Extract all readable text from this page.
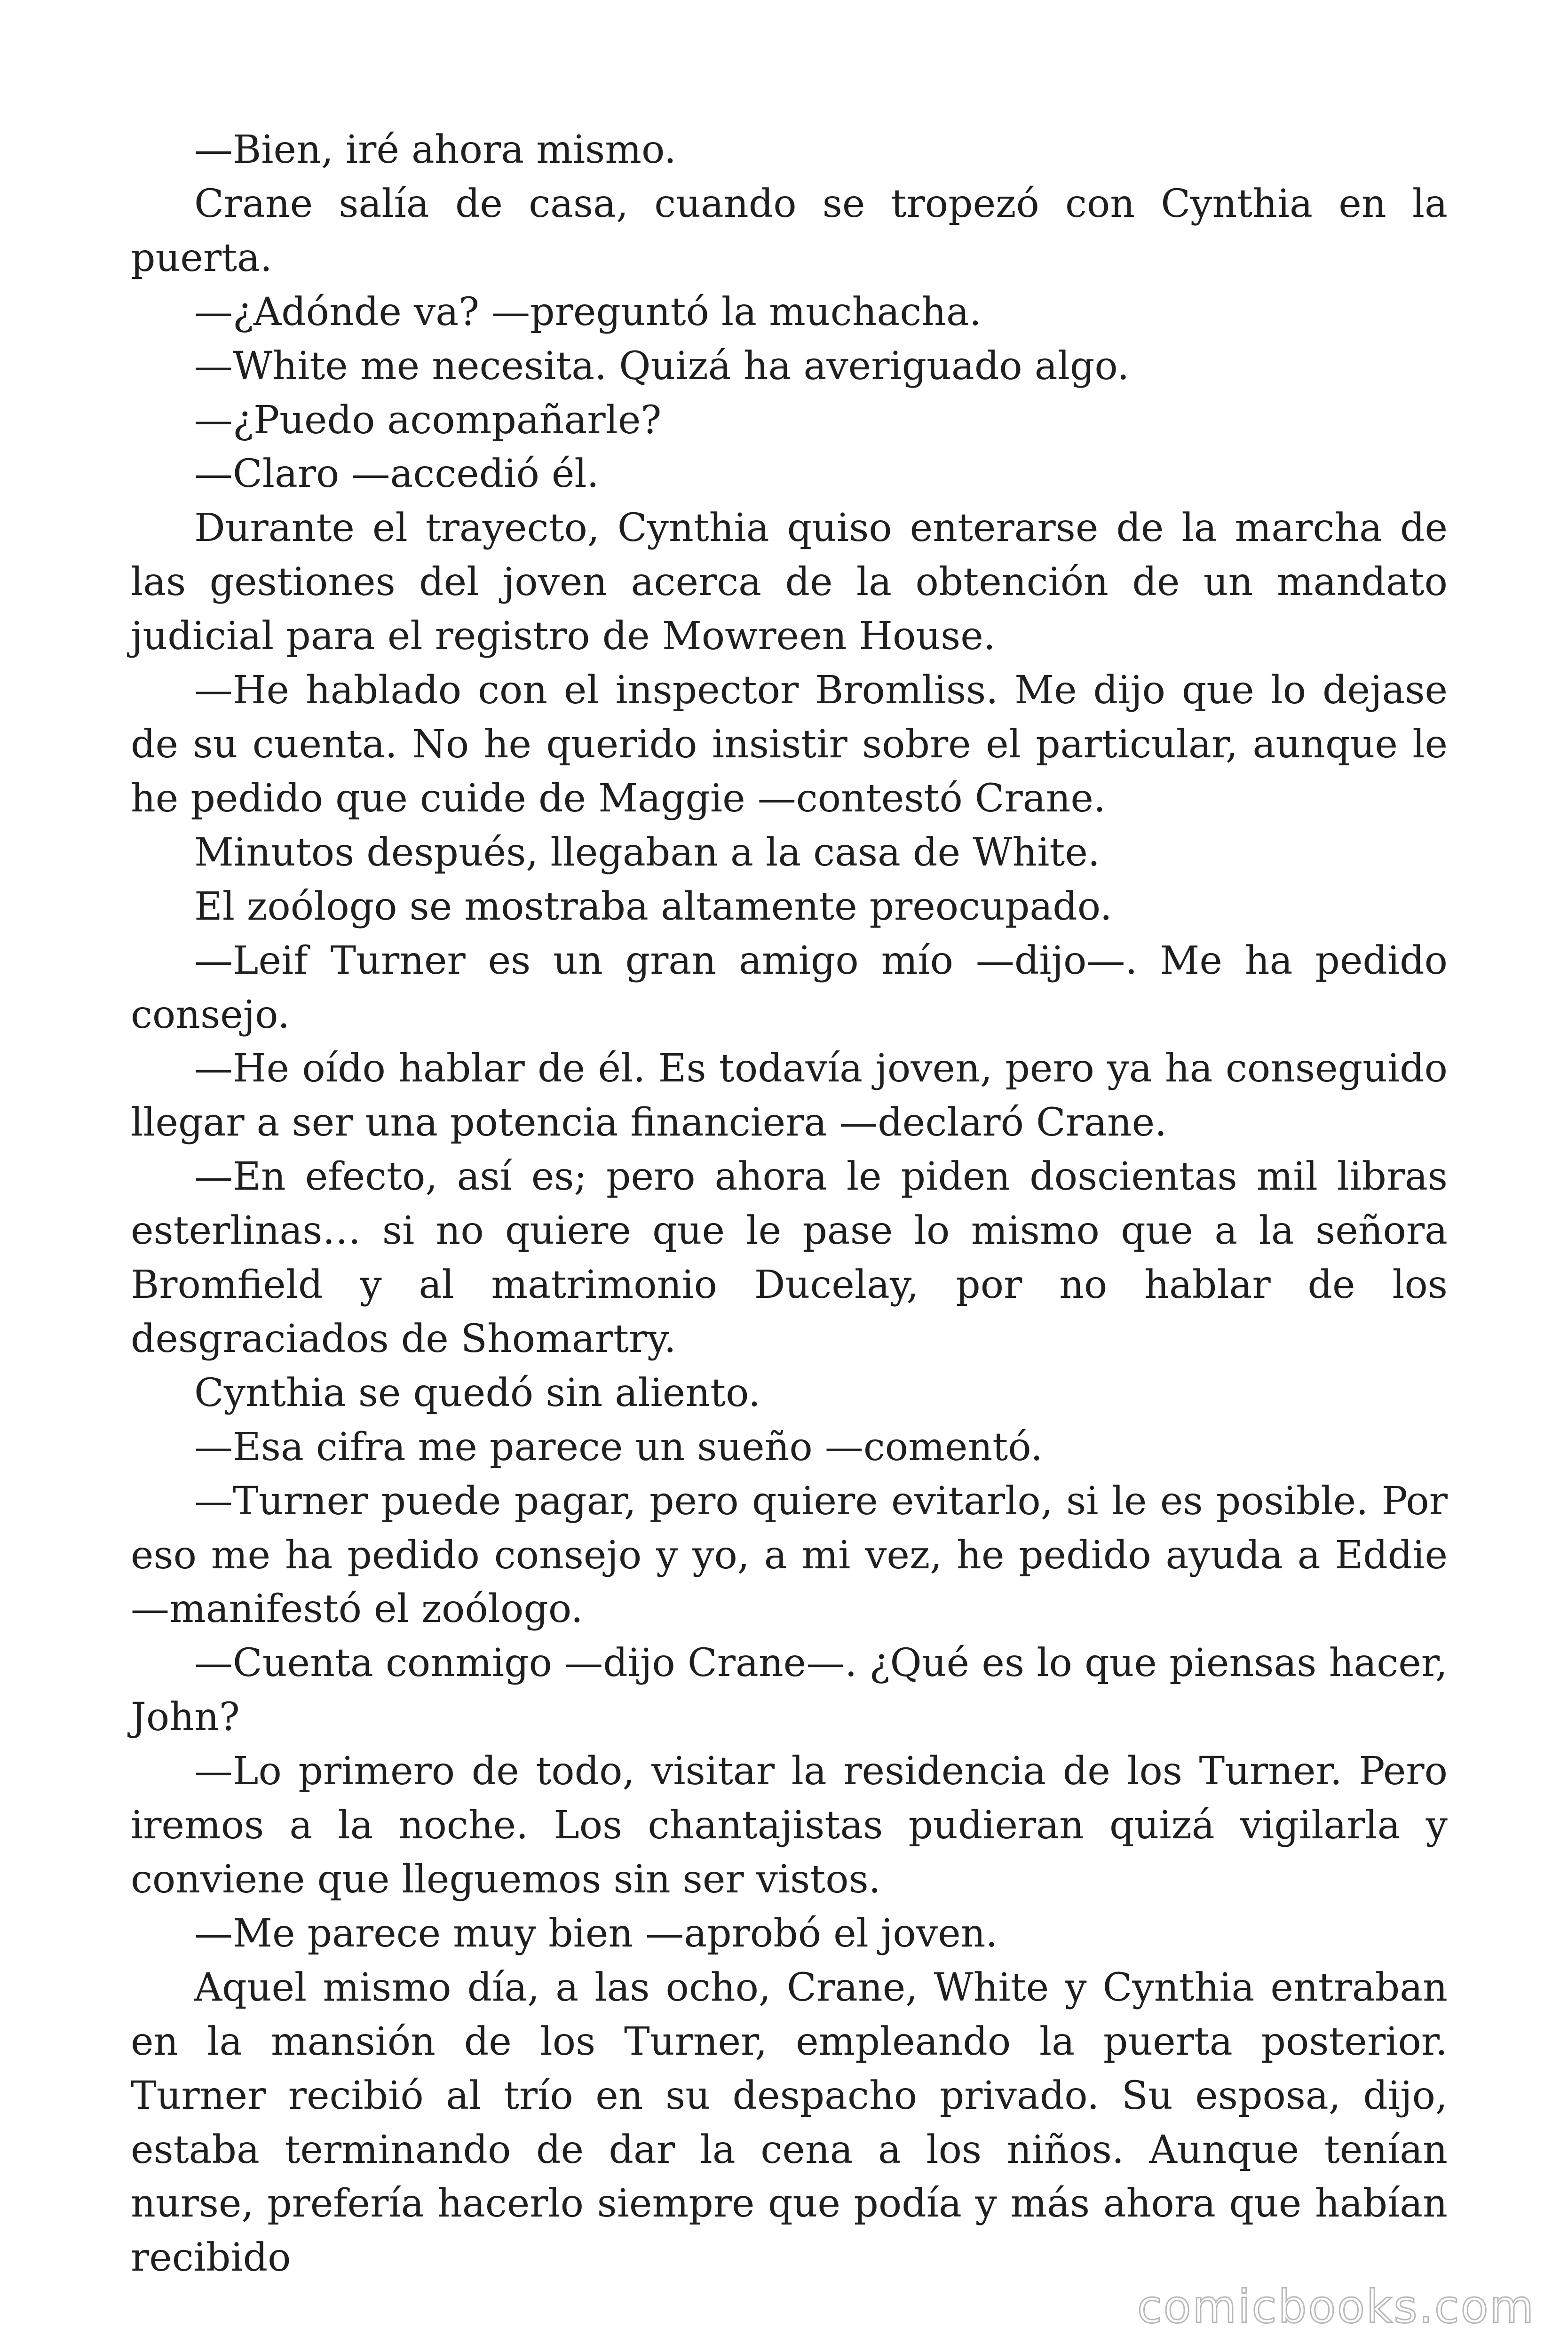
—Bien, iré ahora mismo.

Crane salía de casa, cuando se tropezó con Cynthia en la puerta.

—¿Adónde va? —preguntó la muchacha.

—White me necesita. Quizá ha averiguado algo.

—¿Puedo acompañarle?

—Claro —accedió él.

Durante el trayecto, Cynthia quiso enterarse de la marcha de las gestiones del joven acerca de la obtención de un mandato judicial para el registro de Mowreen House.

—He hablado con el inspector Bromliss. Me dijo que lo dejase de su cuenta. No he querido insistir sobre el particular, aunque le he pedido que cuide de Maggie —contestó Crane.

Minutos después, llegaban a la casa de White.

El zoólogo se mostraba altamente preocupado.

—Leif Turner es un gran amigo mío —dijo—. Me ha pedido consejo.

—He oído hablar de él. Es todavía joven, pero ya ha conseguido llegar a ser una potencia financiera —declaró Crane.

—En efecto, así es; pero ahora le piden doscientas mil libras esterlinas… si no quiere que le pase lo mismo que a la señora Bromfield y al matrimonio Ducelay, por no hablar de los desgraciados de Shomartry.

Cynthia se quedó sin aliento.

—Esa cifra me parece un sueño —comentó.

—Turner puede pagar, pero quiere evitarlo, si le es posible. Por eso me ha pedido consejo y yo, a mi vez, he pedido ayuda a Eddie —manifestó el zoólogo.

—Cuenta conmigo —dijo Crane—. ¿Qué es lo que piensas hacer, John?

—Lo primero de todo, visitar la residencia de los Turner. Pero iremos a la noche. Los chantajistas pudieran quizá vigilarla y conviene que lleguemos sin ser vistos.

—Me parece muy bien —aprobó el joven.

Aquel mismo día, a las ocho, Crane, White y Cynthia entraban en la mansión de los Turner, empleando la puerta posterior. Turner recibió al trío en su despacho privado. Su esposa, dijo, estaba terminando de dar la cena a los niños. Aunque tenían nurse, prefería hacerlo siempre que podía y más ahora que habían recibido

comicbooks.com
